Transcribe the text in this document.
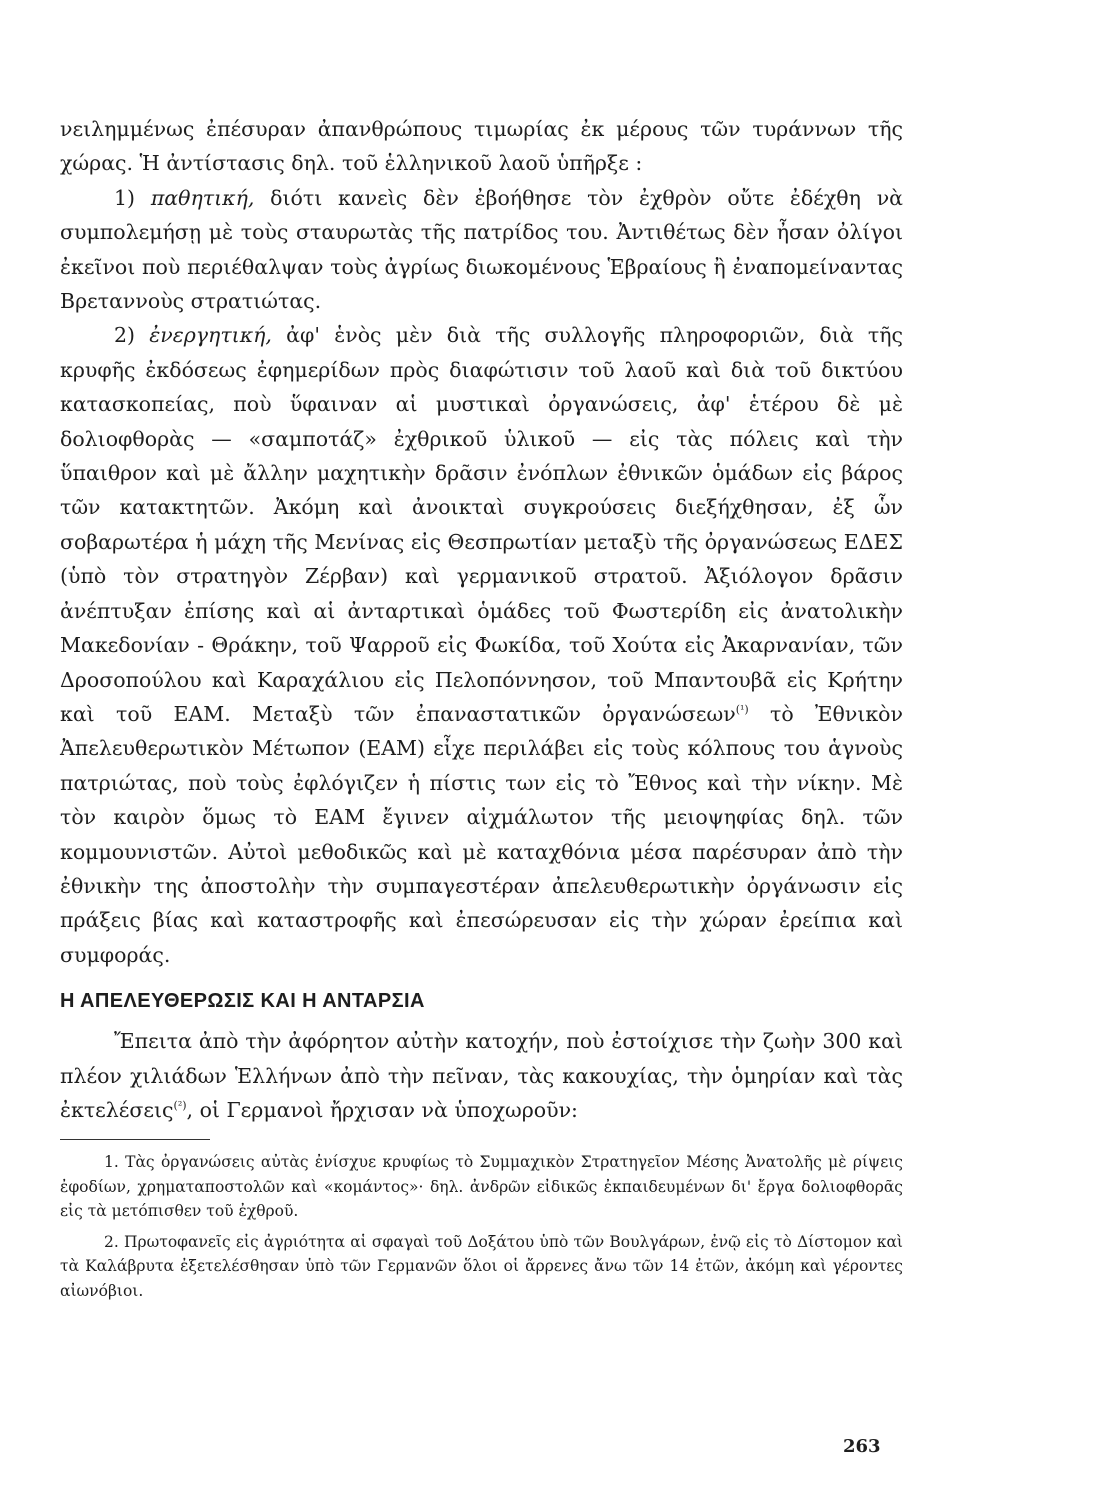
νειλημμένως ἐπέσυραν ἀπανθρώπους τιμωρίας ἐκ μέρους τῶν τυράννων τῆς χώρας. Ἡ ἀντίστασις δηλ. τοῦ ἑλληνικοῦ λαοῦ ὑπῆρξε :

1) παθητική, διότι κανεὶς δὲν ἐβοήθησε τὸν ἐχθρὸν οὔτε ἐδέχθη νὰ συμπολεμήσῃ μὲ τοὺς σταυρωτὰς τῆς πατρίδος του. Ἀντιθέτως δὲν ἦσαν ὀλίγοι ἐκεῖνοι ποὺ περιέθαλψαν τοὺς ἀγρίως διωκομένους Ἑβραίους ἢ ἐναπομείναντας Βρεταννοὺς στρατιώτας.

2) ἐνεργητική, ἀφ' ἑνὸς μὲν διὰ τῆς συλλογῆς πληροφοριῶν, διὰ τῆς κρυφῆς ἐκδόσεως ἐφημερίδων πρὸς διαφώτισιν τοῦ λαοῦ καὶ διὰ τοῦ δικτύου κατασκοπείας, ποὺ ὕφαιναν αἱ μυστικαὶ ὀργανώσεις, ἀφ' ἑτέρου δὲ μὲ δολιοφθορὰς — «σαμποτάζ» ἐχθρικοῦ ὑλικοῦ — εἰς τὰς πόλεις καὶ τὴν ὕπαιθρον καὶ μὲ ἄλλην μαχητικὴν δρᾶσιν ἐνόπλων ἐθνικῶν ὁμάδων εἰς βάρος τῶν κατακτητῶν. Ἀκόμη καὶ ἀνοικταὶ συγκρούσεις διεξήχθησαν, ἐξ ὧν σοβαρωτέρα ἡ μάχη τῆς Μενίνας εἰς Θεσπρωτίαν μεταξὺ τῆς ὀργανώσεως ΕΔΕΣ (ὑπὸ τὸν στρατηγὸν Ζέρβαν) καὶ γερμανικοῦ στρατοῦ. Ἀξιόλογον δρᾶσιν ἀνέπτυξαν ἐπίσης καὶ αἱ ἀνταρτικαὶ ὁμάδες τοῦ Φωστερίδη εἰς ἀνατολικὴν Μακεδονίαν - Θράκην, τοῦ Ψαρροῦ εἰς Φωκίδα, τοῦ Χούτα εἰς Ἀκαρνανίαν, τῶν Δροσοπούλου καὶ Καραχάλιου εἰς Πελοπόννησον, τοῦ Μπαντουβᾶ εἰς Κρήτην καὶ τοῦ ΕΑΜ. Μεταξὺ τῶν ἐπαναστατικῶν ὀργανώσεων$^{(^1)}$ τὸ Ἐθνικὸν Ἀπελευθερωτικὸν Μέτωπον (ΕΑΜ) εἶχε περιλάβει εἰς τοὺς κόλπους του ἁγνοὺς πατριώτας, ποὺ τοὺς ἐφλόγιζεν ἡ πίστις των εἰς τὸ Ἔθνος καὶ τὴν νίκην. Μὲ τὸν καιρὸν ὅμως τὸ ΕΑΜ ἔγινεν αἰχμάλωτον τῆς μειοψηφίας δηλ. τῶν κομμουνιστῶν. Αὐτοὶ μεθοδικῶς καὶ μὲ καταχθόνια μέσα παρέσυραν ἀπὸ τὴν ἐθνικὴν της ἀποστολὴν τὴν συμπαγεστέραν ἀπελευθερωτικὴν ὀργάνωσιν εἰς πράξεις βίας καὶ καταστροφῆς καὶ ἐπεσώρευσαν εἰς τὴν χώραν ἐρείπια καὶ συμφοράς.

Η ΑΠΕΛΕΥΘΕΡΩΣΙΣ ΚΑΙ Η ΑΝΤΑΡΣΙΑ

Ἔπειτα ἀπὸ τὴν ἀφόρητον αὐτὴν κατοχήν, ποὺ ἐστοίχισε τὴν ζωὴν 300 καὶ πλέον χιλιάδων Ἑλλήνων ἀπὸ τὴν πεῖναν, τὰς κακουχίας, τὴν ὁμηρίαν καὶ τὰς ἐκτελέσεις$^{(^2)}$, οἱ Γερμανοὶ ἤρχισαν νὰ ὑποχωροῦν:

1. Τὰς ὀργανώσεις αὐτὰς ἐνίσχυε κρυφίως τὸ Συμμαχικὸν Στρατηγεῖον Μέσης Ἀνατολῆς μὲ ρίψεις ἐφοδίων, χρηματαποστολῶν καὶ «κομάντος»· δηλ. ἀνδρῶν εἰδικῶς ἐκπαιδευμένων δι' ἔργα δολιοφθορᾶς εἰς τὰ μετόπισθεν τοῦ ἐχθροῦ.

2. Πρωτοφανεῖς εἰς ἀγριότητα αἱ σφαγαὶ τοῦ Δοξάτου ὑπὸ τῶν Βουλγάρων, ἐνῷ εἰς τὸ Δίστομον καὶ τὰ Καλάβρυτα ἐξετελέσθησαν ὑπὸ τῶν Γερμανῶν ὅλοι οἱ ἄρρενες ἄνω τῶν 14 ἐτῶν, ἀκόμη καὶ γέροντες αἰωνόβιοι.

263
